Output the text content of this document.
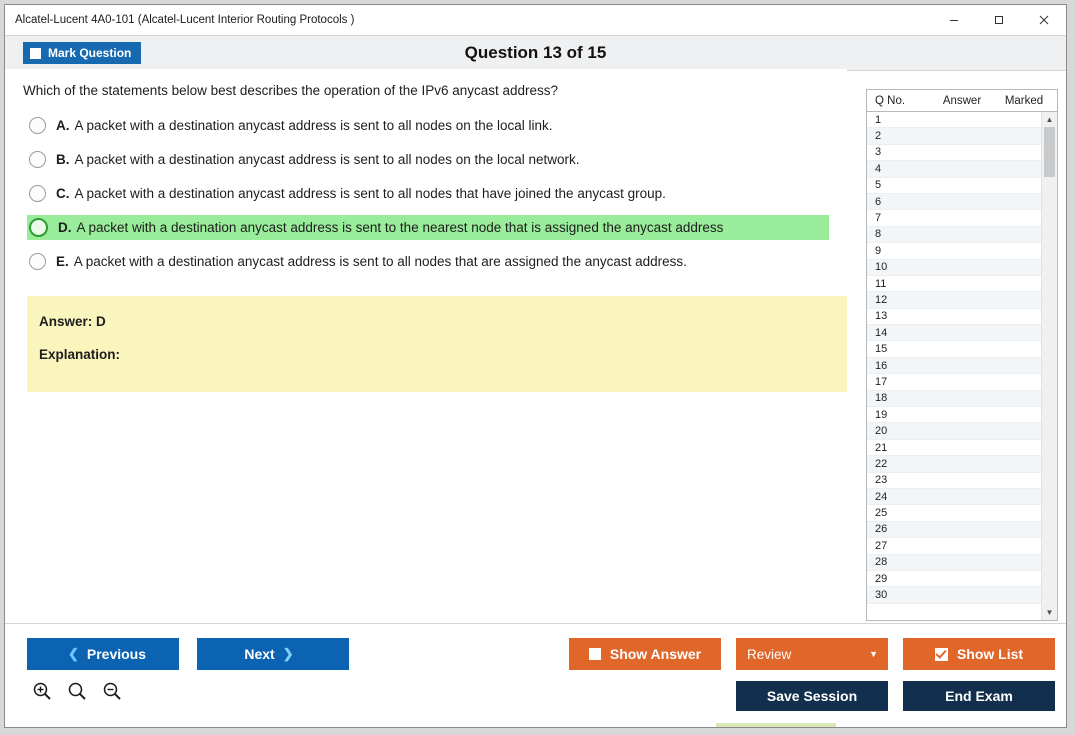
Alcatel-Lucent 4A0-101 (Alcatel-Lucent Interior Routing Protocols )
Mark Question	Question 13 of 15
Which of the statements below best describes the operation of the IPv6 anycast address?
A. A packet with a destination anycast address is sent to all nodes on the local link.
B. A packet with a destination anycast address is sent to all nodes on the local network.
C. A packet with a destination anycast address is sent to all nodes that have joined the anycast group.
D. A packet with a destination anycast address is sent to the nearest node that is assigned the anycast address
E. A packet with a destination anycast address is sent to all nodes that are assigned the anycast address.
Answer: D
Explanation:
Q No.	Answer	Marked
1
2
3
4
5
6
7
8
9
10
11
12
13
14
15
16
17
18
19
20
21
22
23
24
25
26
27
28
29
30
▲
▼
❮ Previous	Next ❯	Show Answer	Review	▼	Show List
Save Session	End Exam
